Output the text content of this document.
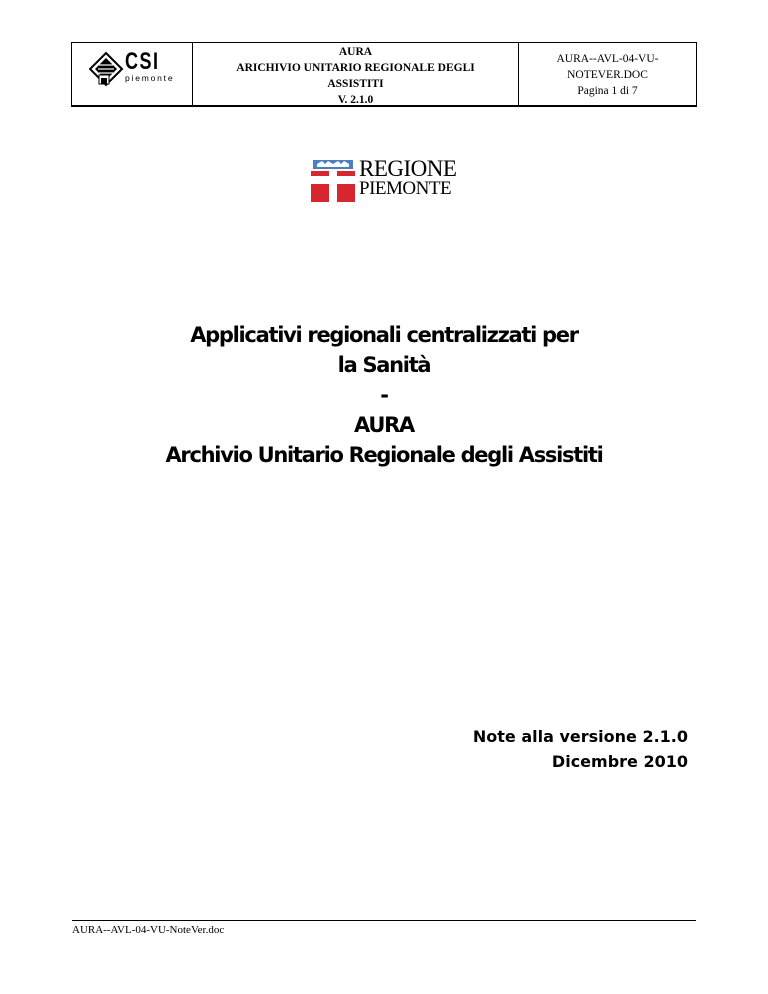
CSI
piemonte
AURA
ARICHIVIO UNITARIO REGIONALE DEGLI
ASSISTITI
V. 2.1.0
AURA--AVL-04-VU-
NOTEVER.DOC
Pagina 1 di 7
REGIONE
PIEMONTE
Applicativi regionali centralizzati per
la Sanità
-
AURA
Archivio Unitario Regionale degli Assistiti
Note alla versione 2.1.0
Dicembre 2010
AURA--AVL-04-VU-NoteVer.doc
